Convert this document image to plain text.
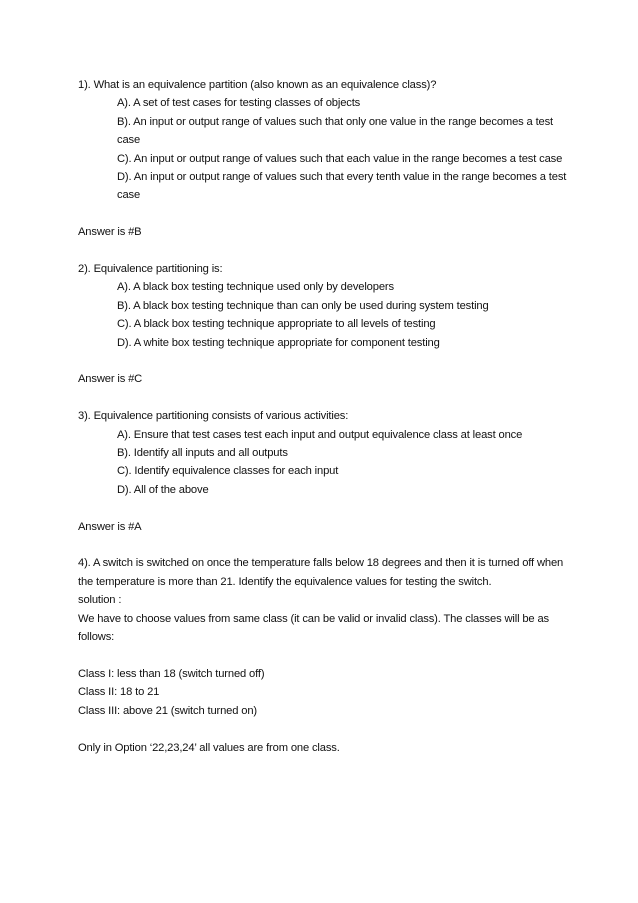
1). What is an equivalence partition (also known as an equivalence class)?
A). A set of test cases for testing classes of objects
B). An input or output range of values such that only one value in the range becomes a test case
C). An input or output range of values such that each value in the range becomes a test case
D). An input or output range of values such that every tenth value in the range becomes a test case
Answer is #B
2). Equivalence partitioning is:
A). A black box testing technique used only by developers
B). A black box testing technique than can only be used during system testing
C). A black box testing technique appropriate to all levels of testing
D). A white box testing technique appropriate for component testing
Answer is #C
3). Equivalence partitioning consists of various activities:
A). Ensure that test cases test each input and output equivalence class at least once
B). Identify all inputs and all outputs
C). Identify equivalence classes for each input
D). All of the above
Answer is #A
4). A switch is switched on once the temperature falls below 18 degrees and then it is turned off when the temperature is more than 21. Identify the equivalence values for testing the switch.
solution :
We have to choose values from same class (it can be valid or invalid class). The classes will be as follows:
Class I: less than 18 (switch turned off)
Class II: 18 to 21
Class III: above 21 (switch turned on)
Only in Option ‘22,23,24’ all values are from one class.
